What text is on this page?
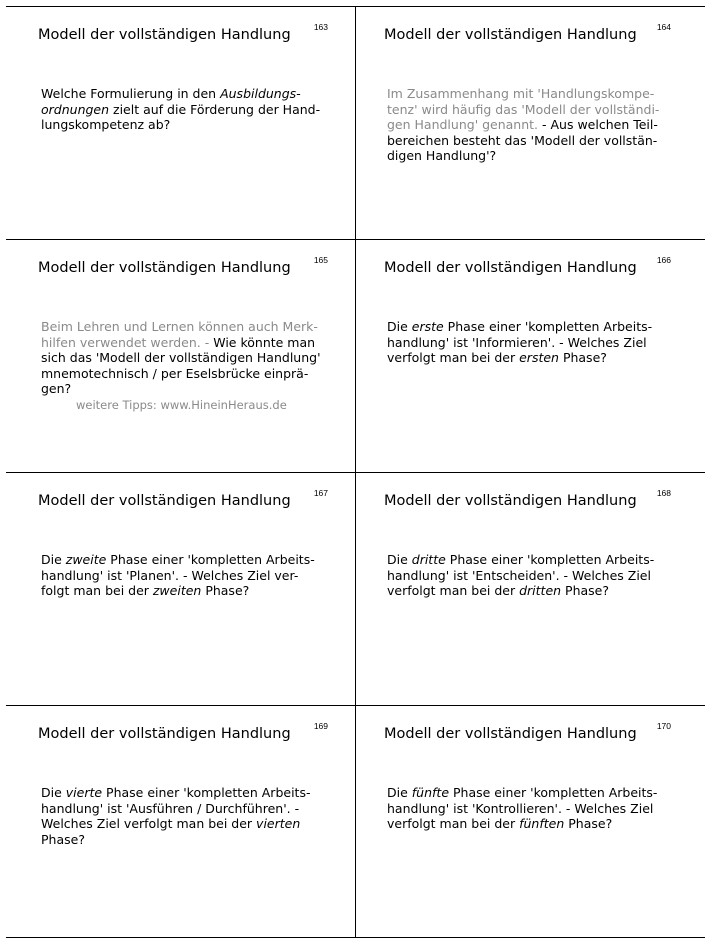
Modell der vollständigen Handlung	163
Welche Formulierung in den Ausbildungs-
ordnungen zielt auf die Förderung der Hand-
lungskompetenz ab?
Modell der vollständigen Handlung 164
Im Zusammenhang mit 'Handlungskompe-
tenz' wird häufig das 'Modell der vollständi-
gen Handlung' genannt. - Aus welchen Teil-
bereichen besteht das 'Modell der vollstän-
digen Handlung'?
Modell der vollständigen Handlung	165
Beim Lehren und Lernen können auch Merk-
hilfen verwendet werden. - Wie könnte man
sich das 'Modell der vollständigen Handlung'
mnemotechnisch / per Eselsbrücke einprä-
gen?
weitere Tipps: www.HineinHeraus.de
Modell der vollständigen Handlung 166
Die erste Phase einer 'kompletten Arbeits-
handlung' ist 'Informieren'. - Welches Ziel
verfolgt man bei der ersten Phase?
Modell der vollständigen Handlung	167
Die zweite Phase einer 'kompletten Arbeits-
handlung' ist 'Planen'. - Welches Ziel ver-
folgt man bei der zweiten Phase?
Modell der vollständigen Handlung 168
Die dritte Phase einer 'kompletten Arbeits-
handlung' ist 'Entscheiden'. - Welches Ziel
verfolgt man bei der dritten Phase?
Modell der vollständigen Handlung	169
Die vierte Phase einer 'kompletten Arbeits-
handlung' ist 'Ausführen / Durchführen'. -
Welches Ziel verfolgt man bei der vierten
Phase?
Modell der vollständigen Handlung 170
Die fünfte Phase einer 'kompletten Arbeits-
handlung' ist 'Kontrollieren'. - Welches Ziel
verfolgt man bei der fünften Phase?
